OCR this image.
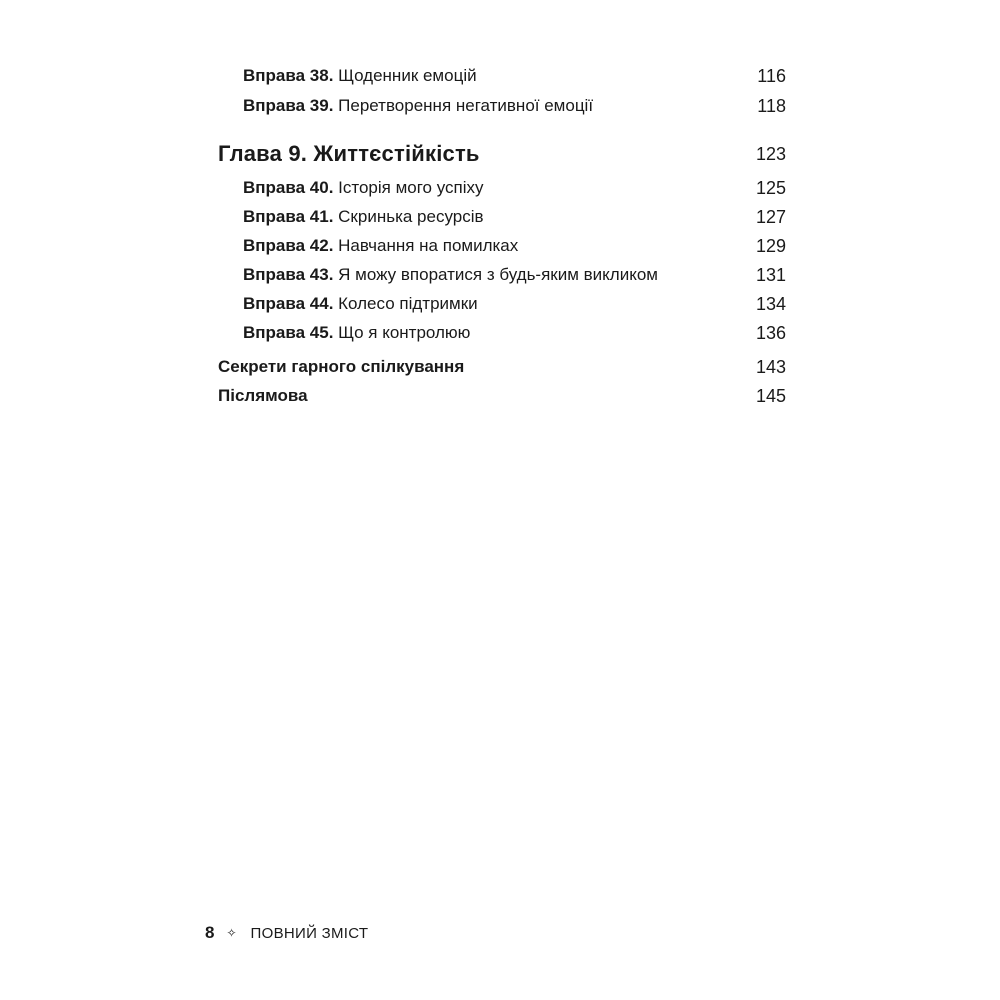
Вправа 38. Щоденник емоцій	116
Вправа 39. Перетворення негативної емоції	118
Глава 9. Життєстійкість	123
Вправа 40. Історія мого успіху	125
Вправа 41. Скринька ресурсів	127
Вправа 42. Навчання на помилках	129
Вправа 43. Я можу впоратися з будь-яким викликом	131
Вправа 44. Колесо підтримки	134
Вправа 45. Що я контролюю	136
Секрети гарного спілкування	143
Післямова	145
8 ✧ ПОВНИЙ ЗМІСТ
